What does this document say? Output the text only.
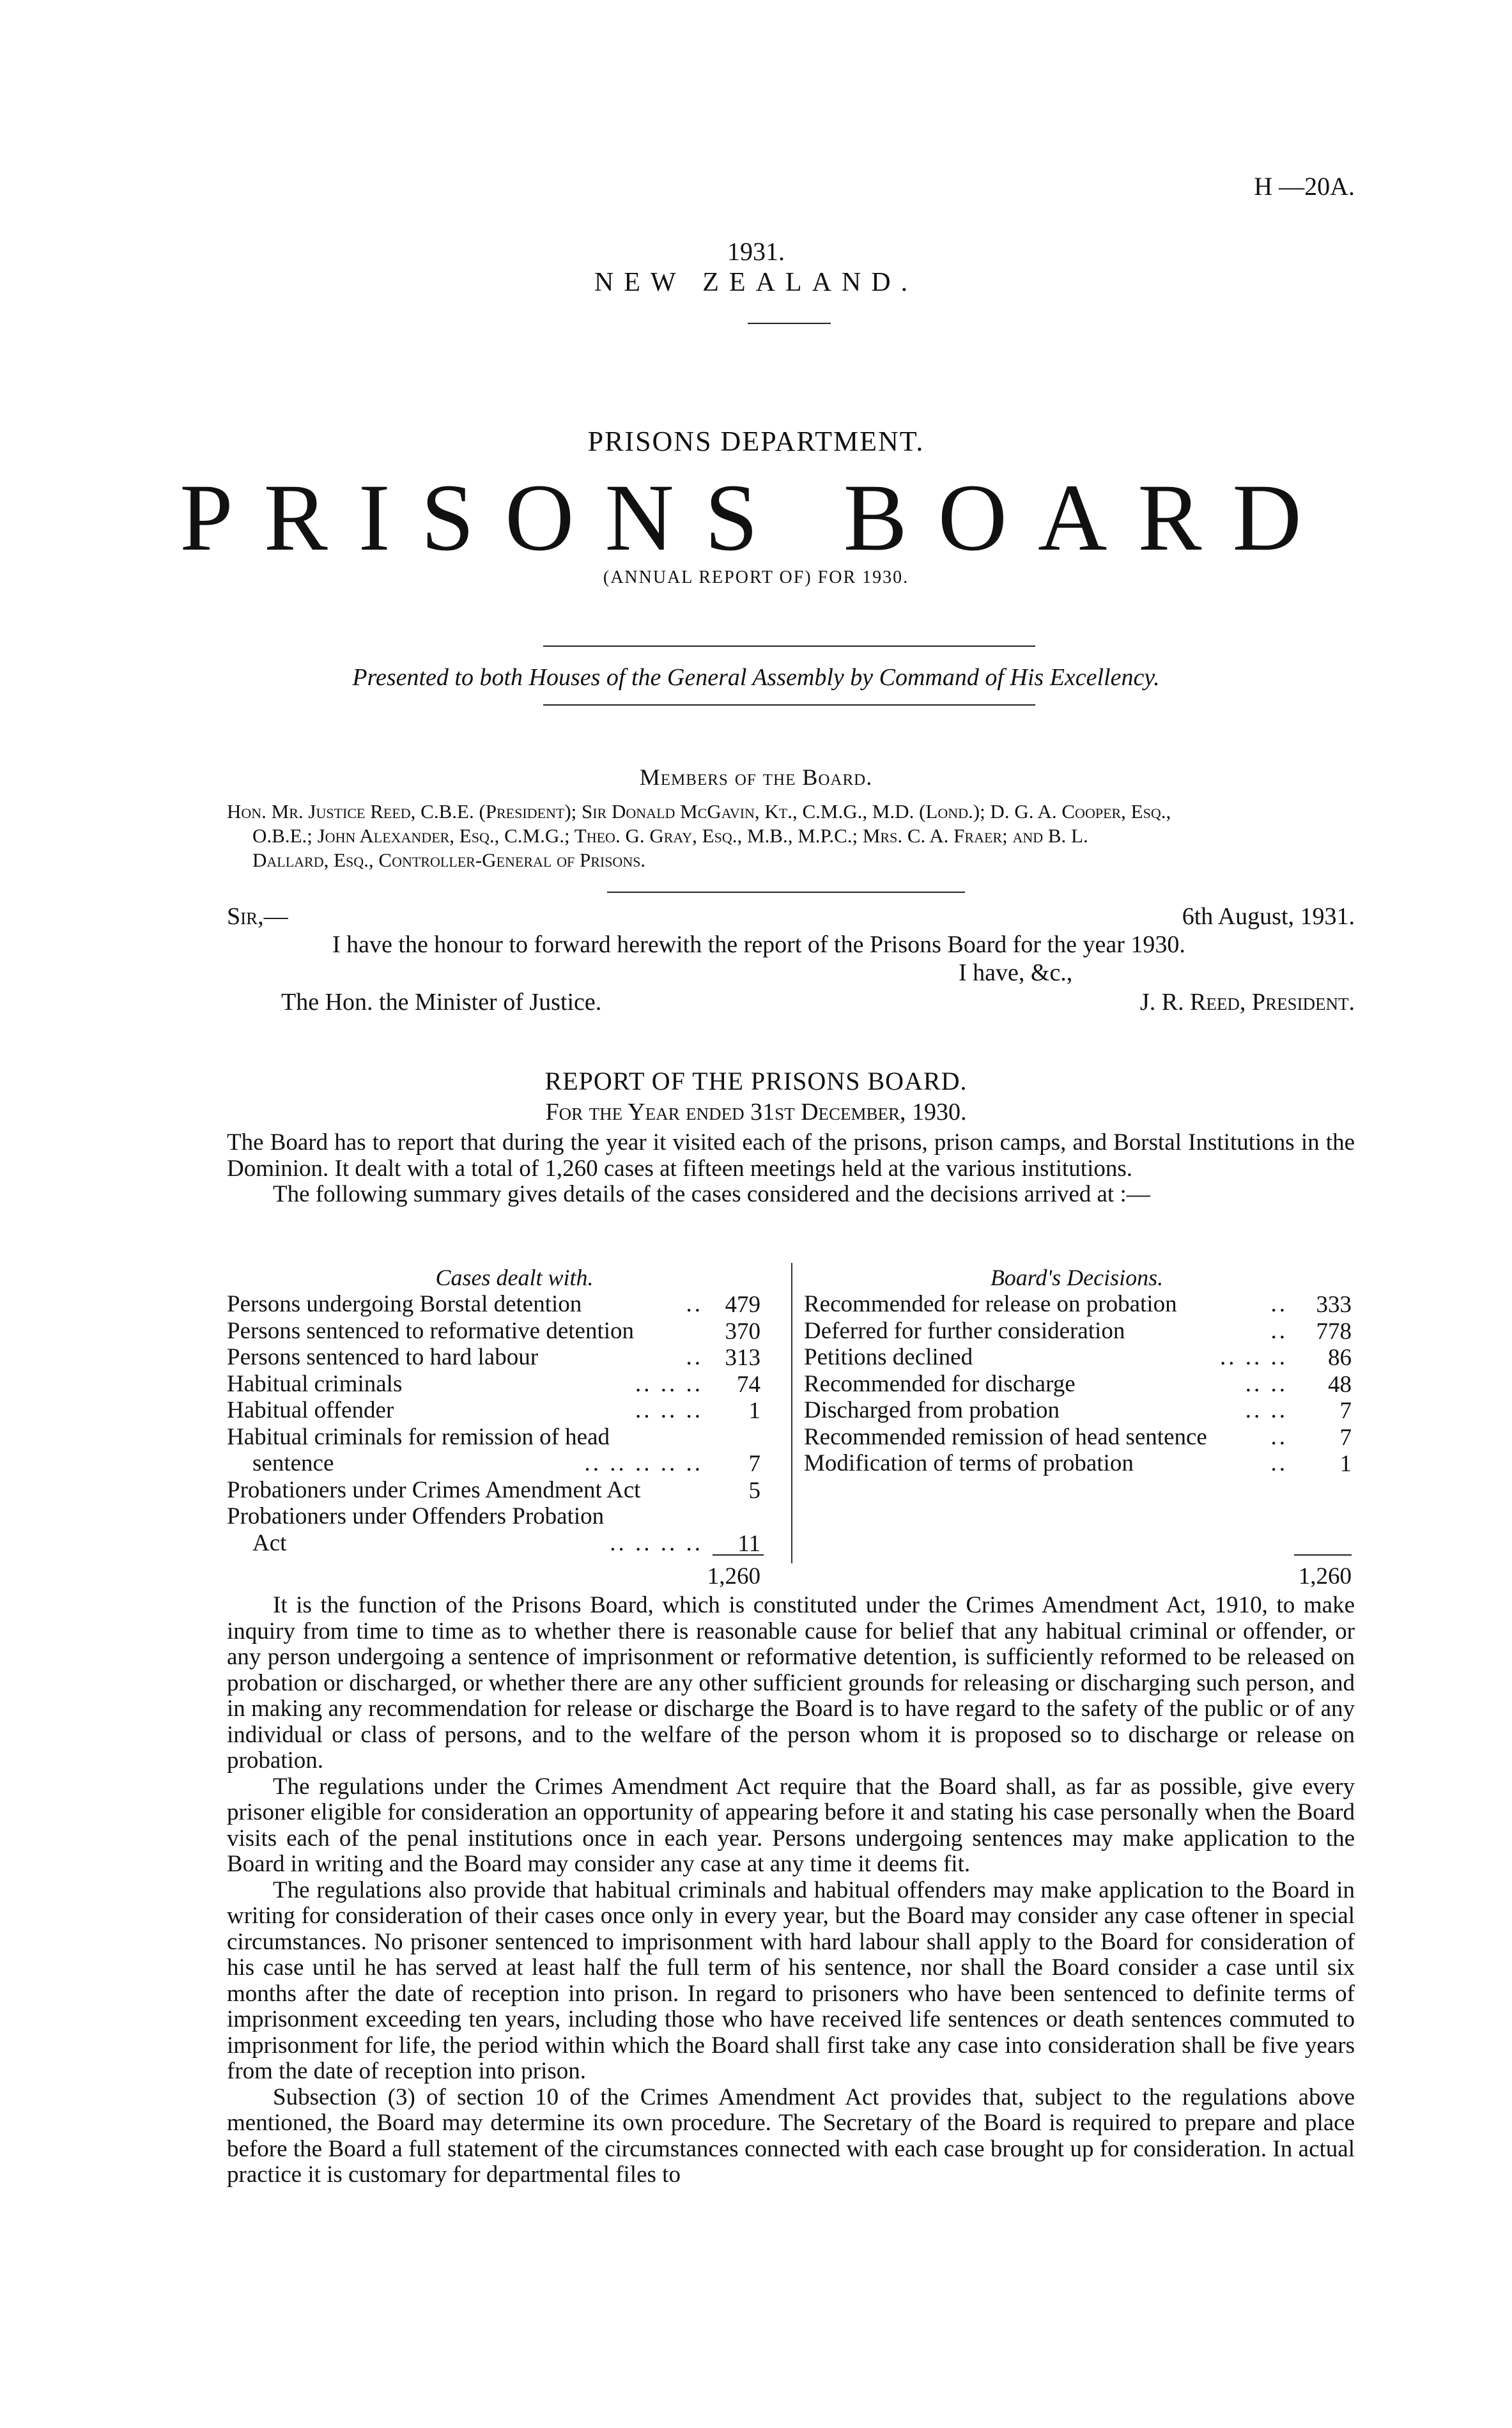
H —20A.
1931.
NEW ZEALAND.
PRISONS DEPARTMENT.
PRISONS BOARD
(ANNUAL REPORT OF) FOR 1930.
Presented to both Houses of the General Assembly by Command of His Excellency.
Members of the Board.
Hon. Mr. Justice Reed, C.B.E. (President); Sir Donald McGavin, Kt., C.M.G., M.D. (Lond.); D. G. A. Cooper, Esq.,
O.B.E.; John Alexander, Esq., C.M.G.; Theo. G. Gray, Esq., M.B., M.P.C.; Mrs. C. A. Fraer; and B. L.
Dallard, Esq., Controller-General of Prisons.
Sir,—	6th August, 1931.
I have the honour to forward herewith the report of the Prisons Board for the year 1930.
I have, &c.,
The Hon. the Minister of Justice.	J. R. Reed, President.
REPORT OF THE PRISONS BOARD.
For the Year ended 31st December, 1930.

The Board has to report that during the year it visited each of the prisons, prison camps, and Borstal Institutions in the Dominion. It dealt with a total of 1,260 cases at fifteen meetings held at the various institutions.

The following summary gives details of the cases considered and the decisions arrived at :—

Cases dealt with.	Board's Decisions.
Persons undergoing Borstal detention	.. 479
Persons sentenced to reformative detention	370
Persons sentenced to hard labour	.. 313
Habitual criminals	.. .. ..	74
Habitual offender	.. .. ..	1
Habitual criminals for remission of head
sentence	.. .. .. .. ..	7
Probationers under Crimes Amendment Act	5
Probationers under Offenders Probation
Act	.. .. .. ..	11
Recommended for release on probation	..	333
Deferred for further consideration	..	778
Petitions declined	.. .. ..	86
Recommended for discharge	.. ..	48
Discharged from probation	.. ..	7
Recommended remission of head sentence	..	7
Modification of terms of probation	..	1
1,260	1,260

It is the function of the Prisons Board, which is constituted under the Crimes Amendment Act, 1910, to make inquiry from time to time as to whether there is reasonable cause for belief that any habitual criminal or offender, or any person undergoing a sentence of imprisonment or reformative detention, is sufficiently reformed to be released on probation or discharged, or whether there are any other sufficient grounds for releasing or discharging such person, and in making any recommendation for release or discharge the Board is to have regard to the safety of the public or of any individual or class of persons, and to the welfare of the person whom it is proposed so to discharge or release on probation.

The regulations under the Crimes Amendment Act require that the Board shall, as far as possible, give every prisoner eligible for consideration an opportunity of appearing before it and stating his case personally when the Board visits each of the penal institutions once in each year. Persons undergoing sentences may make application to the Board in writing and the Board may consider any case at any time it deems fit.

The regulations also provide that habitual criminals and habitual offenders may make application to the Board in writing for consideration of their cases once only in every year, but the Board may consider any case oftener in special circumstances. No prisoner sentenced to imprisonment with hard labour shall apply to the Board for consideration of his case until he has served at least half the full term of his sentence, nor shall the Board consider a case until six months after the date of reception into prison. In regard to prisoners who have been sentenced to definite terms of imprisonment exceeding ten years, including those who have received life sentences or death sentences commuted to imprisonment for life, the period within which the Board shall first take any case into consideration shall be five years from the date of reception into prison.

Subsection (3) of section 10 of the Crimes Amendment Act provides that, subject to the regulations above mentioned, the Board may determine its own procedure. The Secretary of the Board is required to prepare and place before the Board a full statement of the circumstances connected with each case brought up for consideration. In actual practice it is customary for departmental files to
